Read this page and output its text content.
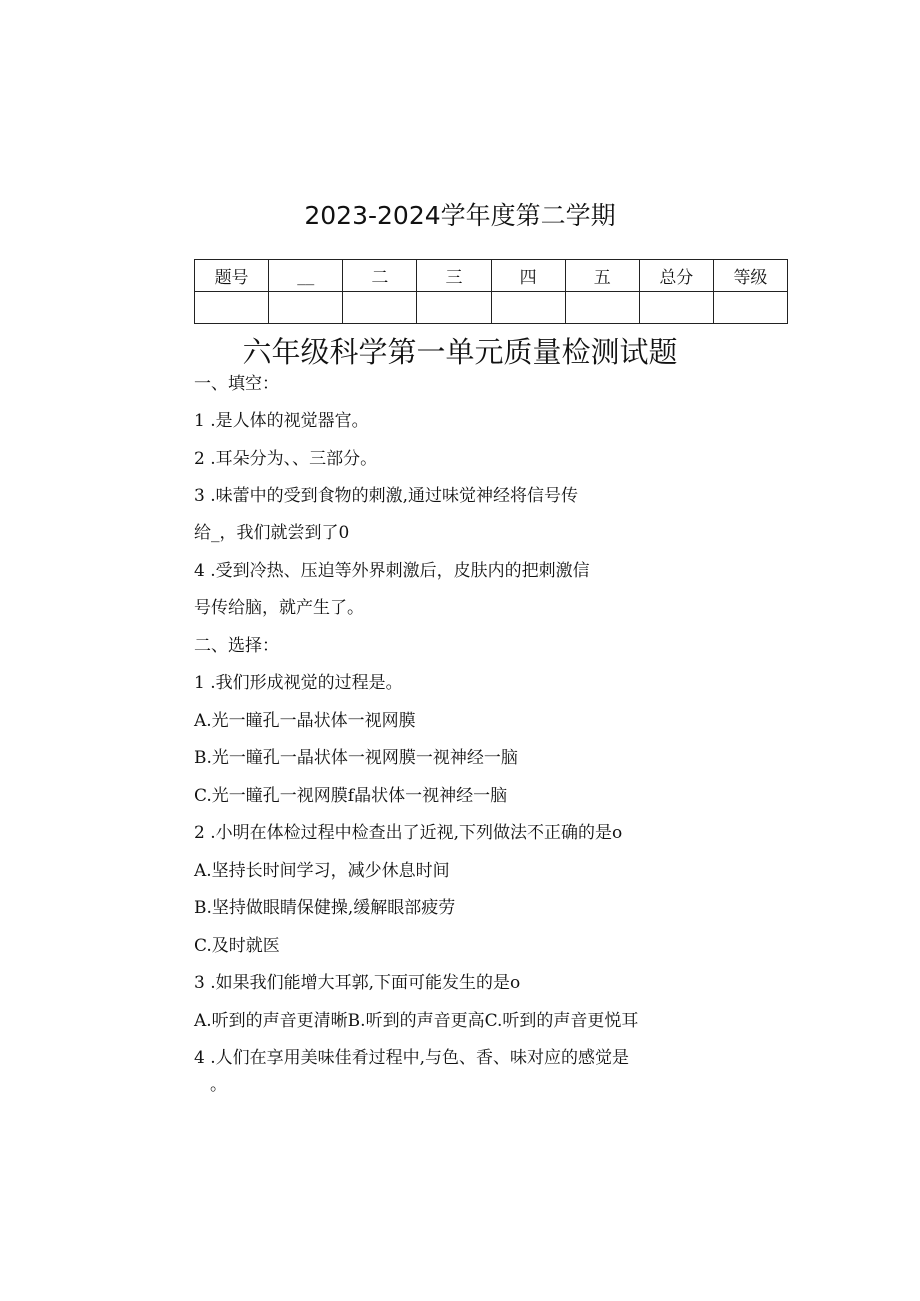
2023-2024学年度第二学期
题号	__	二	三	四	五	总分	等级

六年级科学第一单元质量检测试题
一、填空：
1 .是人体的视觉器官。
2 .耳朵分为、、三部分。
3 .味蕾中的受到食物的刺激,通过味觉神经将信号传
给_，我们就尝到了0
4 .受到冷热、压迫等外界刺激后，皮肤内的把刺激信
号传给脑，就产生了。
二、选择：
1 .我们形成视觉的过程是。
A.光一瞳孔一晶状体一视网膜
B.光一瞳孔一晶状体一视网膜一视神经一脑
C.光一瞳孔一视网膜f晶状体一视神经一脑
2 .小明在体检过程中检查出了近视,下列做法不正确的是o
A.坚持长时间学习，减少休息时间
B.坚持做眼睛保健操,缓解眼部疲劳
C.及时就医
3 .如果我们能增大耳郭,下面可能发生的是o
A.听到的声音更清晰B.听到的声音更高C.听到的声音更悦耳
4 .人们在享用美味佳肴过程中,与色、香、味对应的感觉是
。
